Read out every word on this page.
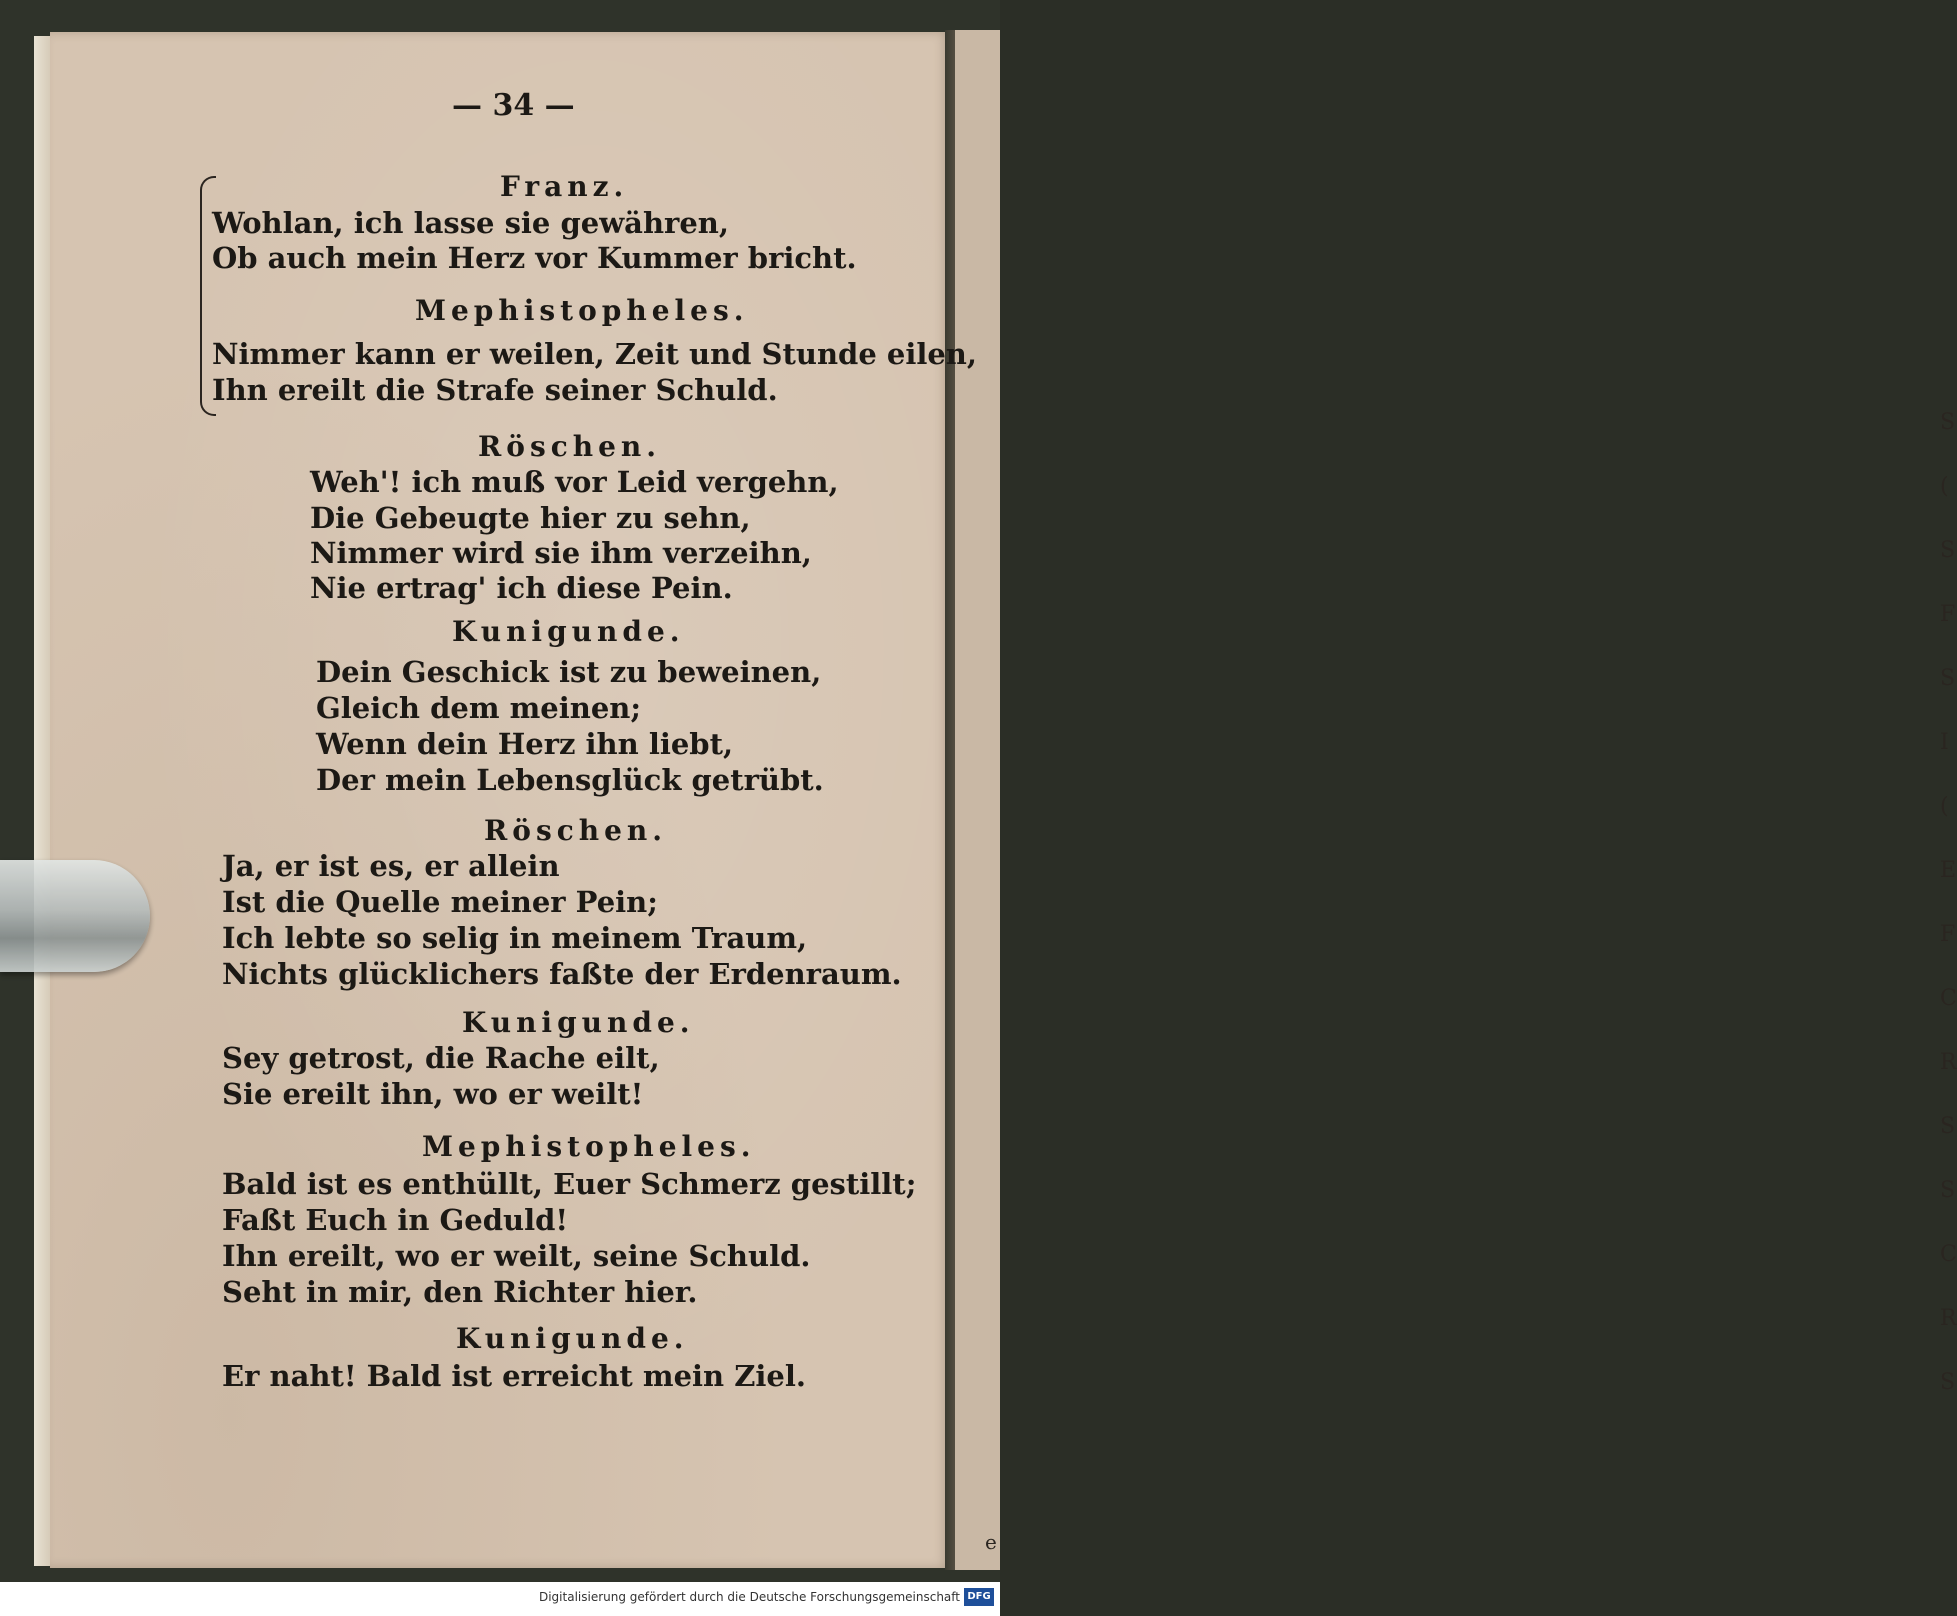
S
(
S
F
S
I
(
E
F
C
R
S
S
C
R
S
e
— 34 —
Franz.
Wohlan, ich lasse sie gewähren,
Ob auch mein Herz vor Kummer bricht.
Mephistopheles.
Nimmer kann er weilen, Zeit und Stunde eilen,
Ihn ereilt die Strafe seiner Schuld.
Röschen.
Weh'! ich muß vor Leid vergehn,
Die Gebeugte hier zu sehn,
Nimmer wird sie ihm verzeihn,
Nie ertrag' ich diese Pein.
Kunigunde.
Dein Geschick ist zu beweinen,
Gleich dem meinen;
Wenn dein Herz ihn liebt,
Der mein Lebensglück getrübt.
Röschen.
Ja, er ist es, er allein
Ist die Quelle meiner Pein;
Ich lebte so selig in meinem Traum,
Nichts glücklichers faßte der Erdenraum.
Kunigunde.
Sey getrost, die Rache eilt,
Sie ereilt ihn, wo er weilt!
Mephistopheles.
Bald ist es enthüllt, Euer Schmerz gestillt;
Faßt Euch in Geduld!
Ihn ereilt, wo er weilt, seine Schuld.
Seht in mir, den Richter hier.
Kunigunde.
Er naht! Bald ist erreicht mein Ziel.
Digitalisierung gefördert durch die Deutsche Forschungsgemeinschaft DFG
